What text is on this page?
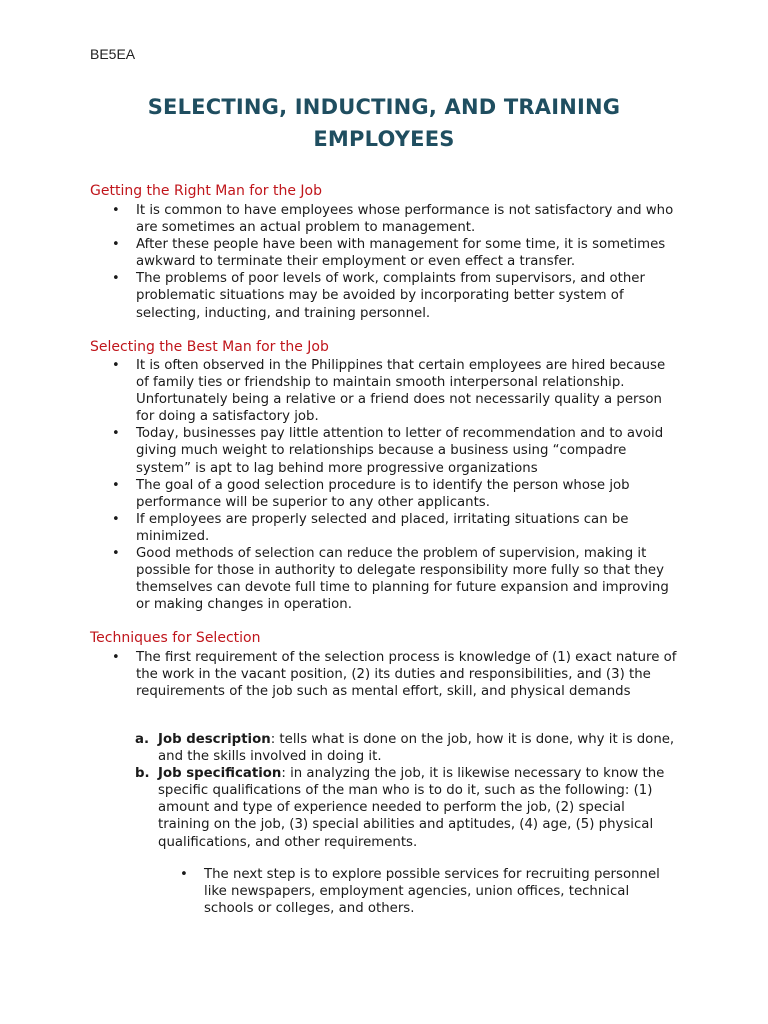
BE5EA
SELECTING, INDUCTING, AND TRAINING EMPLOYEES
Getting the Right Man for the Job
• It is common to have employees whose performance is not satisfactory and who are sometimes an actual problem to management.
• After these people have been with management for some time, it is sometimes awkward to terminate their employment or even effect a transfer.
• The problems of poor levels of work, complaints from supervisors, and other problematic situations may be avoided by incorporating better system of selecting, inducting, and training personnel.
Selecting the Best Man for the Job
• It is often observed in the Philippines that certain employees are hired because of family ties or friendship to maintain smooth interpersonal relationship. Unfortunately being a relative or a friend does not necessarily quality a person for doing a satisfactory job.
• Today, businesses pay little attention to letter of recommendation and to avoid giving much weight to relationships because a business using “compadre system” is apt to lag behind more progressive organizations
• The goal of a good selection procedure is to identify the person whose job performance will be superior to any other applicants.
• If employees are properly selected and placed, irritating situations can be minimized.
• Good methods of selection can reduce the problem of supervision, making it possible for those in authority to delegate responsibility more fully so that they themselves can devote full time to planning for future expansion and improving or making changes in operation.
Techniques for Selection
• The first requirement of the selection process is knowledge of (1) exact nature of the work in the vacant position, (2) its duties and responsibilities, and (3) the requirements of the job such as mental effort, skill, and physical demands
a. Job description: tells what is done on the job, how it is done, why it is done, and the skills involved in doing it.
b. Job specification: in analyzing the job, it is likewise necessary to know the specific qualifications of the man who is to do it, such as the following: (1) amount and type of experience needed to perform the job, (2) special training on the job, (3) special abilities and aptitudes, (4) age, (5) physical qualifications, and other requirements.
• The next step is to explore possible services for recruiting personnel like newspapers, employment agencies, union offices, technical schools or colleges, and others.
